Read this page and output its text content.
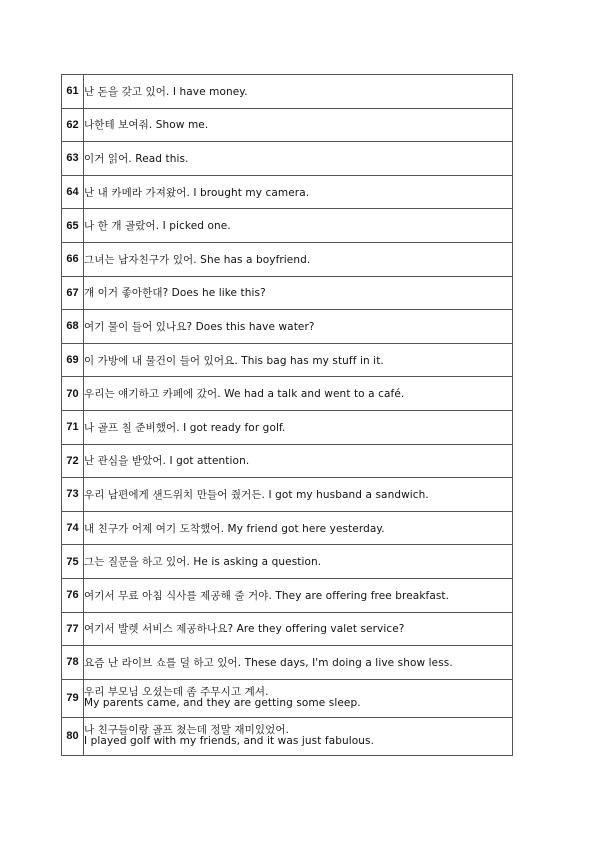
61	난 돈을 갖고 있어. I have money.

62	나한테 보여줘. Show me.

63	이거 읽어. Read this.

64	난 내 카메라 가져왔어. I brought my camera.

65	나 한 개 골랐어. I picked one.

66	그녀는 남자친구가 있어. She has a boyfriend.

67	걔 이거 좋아한대? Does he like this?

68	여기 물이 들어 있나요? Does this have water?

69	이 가방에 내 물건이 들어 있어요. This bag has my stuff in it.

70	우리는 얘기하고 카페에 갔어. We had a talk and went to a café.

71	나 골프 칠 준비했어. I got ready for golf.

72	난 관심을 받았어. I got attention.

73	우리 남편에게 샌드위치 만들어 줬거든. I got my husband a sandwich.

74	내 친구가 어제 여기 도착했어. My friend got here yesterday.

75	그는 질문을 하고 있어. He is asking a question.

76	여기서 무료 아침 식사를 제공해 줄 거야. They are offering free breakfast.

77	여기서 발렛 서비스 제공하나요? Are they offering valet service?

78	요즘 난 라이브 쇼를 덜 하고 있어. These days, I'm doing a live show less.

79	우리 부모님 오셨는데 좀 주무시고 계셔.
My parents came, and they are getting some sleep.

80	나 친구들이랑 골프 쳤는데 정말 재미있었어.
I played golf with my friends, and it was just fabulous.
